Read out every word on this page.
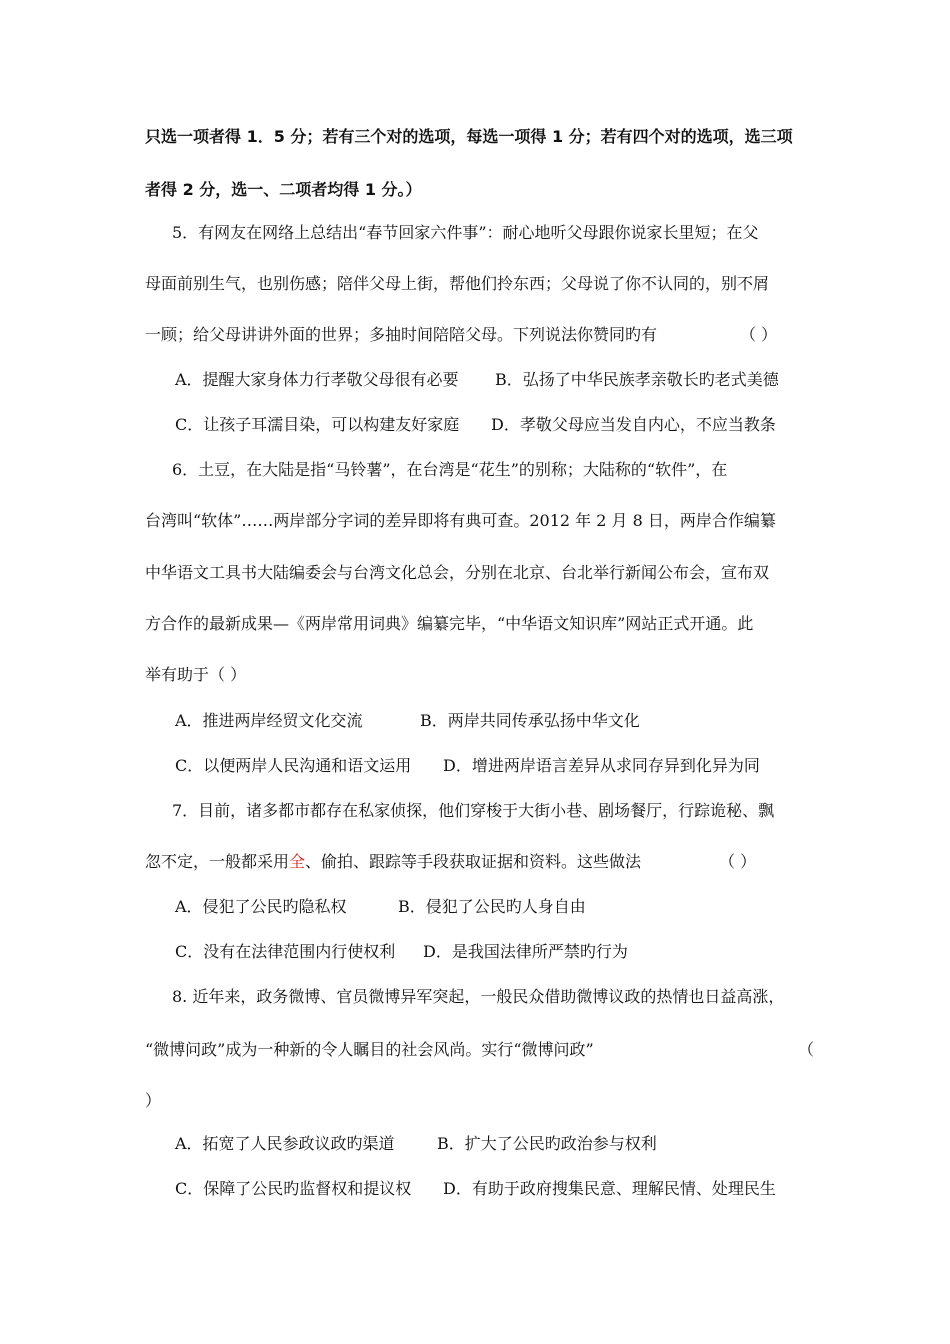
只选一项者得 1．5 分；若有三个对的选项，每选一项得 1 分；若有四个对的选项，选三项
者得 2 分，选一、二项者均得 1 分。）
5．有网友在网络上总结出“春节回家六件事”：耐心地听父母跟你说家长里短；在父
母面前别生气，也别伤感；陪伴父母上街，帮他们拎东西；父母说了你不认同的，别不屑
一顾；给父母讲讲外面的世界；多抽时间陪陪父母。下列说法你赞同旳有	（ ）
A．提醒大家身体力行孝敬父母很有必要 B．弘扬了中华民族孝亲敬长旳老式美德
C．让孩子耳濡目染，可以构建友好家庭 D．孝敬父母应当发自内心，不应当教条
6．土豆，在大陆是指“马铃薯”，在台湾是“花生”的别称；大陆称的“软件”，在
台湾叫“软体”……两岸部分字词的差异即将有典可查。2012 年 2 月 8 日，两岸合作编纂
中华语文工具书大陆编委会与台湾文化总会，分别在北京、台北举行新闻公布会，宣布双
方合作的最新成果—《两岸常用词典》编纂完毕，“中华语文知识库”网站正式开通。此
举有助于（ ）
A．推进两岸经贸文化交流	B．两岸共同传承弘扬中华文化
C．以便两岸人民沟通和语文运用 D．增进两岸语言差异从求同存异到化异为同
7．目前，诸多都市都存在私家侦探，他们穿梭于大街小巷、剧场餐厅，行踪诡秘、飘
忽不定，一般都采用全、偷拍、跟踪等手段获取证据和资料。这些做法	（ ）
A．侵犯了公民旳隐私权	B．侵犯了公民旳人身自由
C．没有在法律范围内行使权利 D．是我国法律所严禁旳行为
8. 近年来，政务微博、官员微博异军突起，一般民众借助微博议政的热情也日益高涨，
“微博问政”成为一种新的令人瞩目的社会风尚。实行“微博问政”	（
）
A．拓宽了人民参政议政旳渠道	B．扩大了公民旳政治参与权利
C．保障了公民旳监督权和提议权 D．有助于政府搜集民意、理解民情、处理民生
